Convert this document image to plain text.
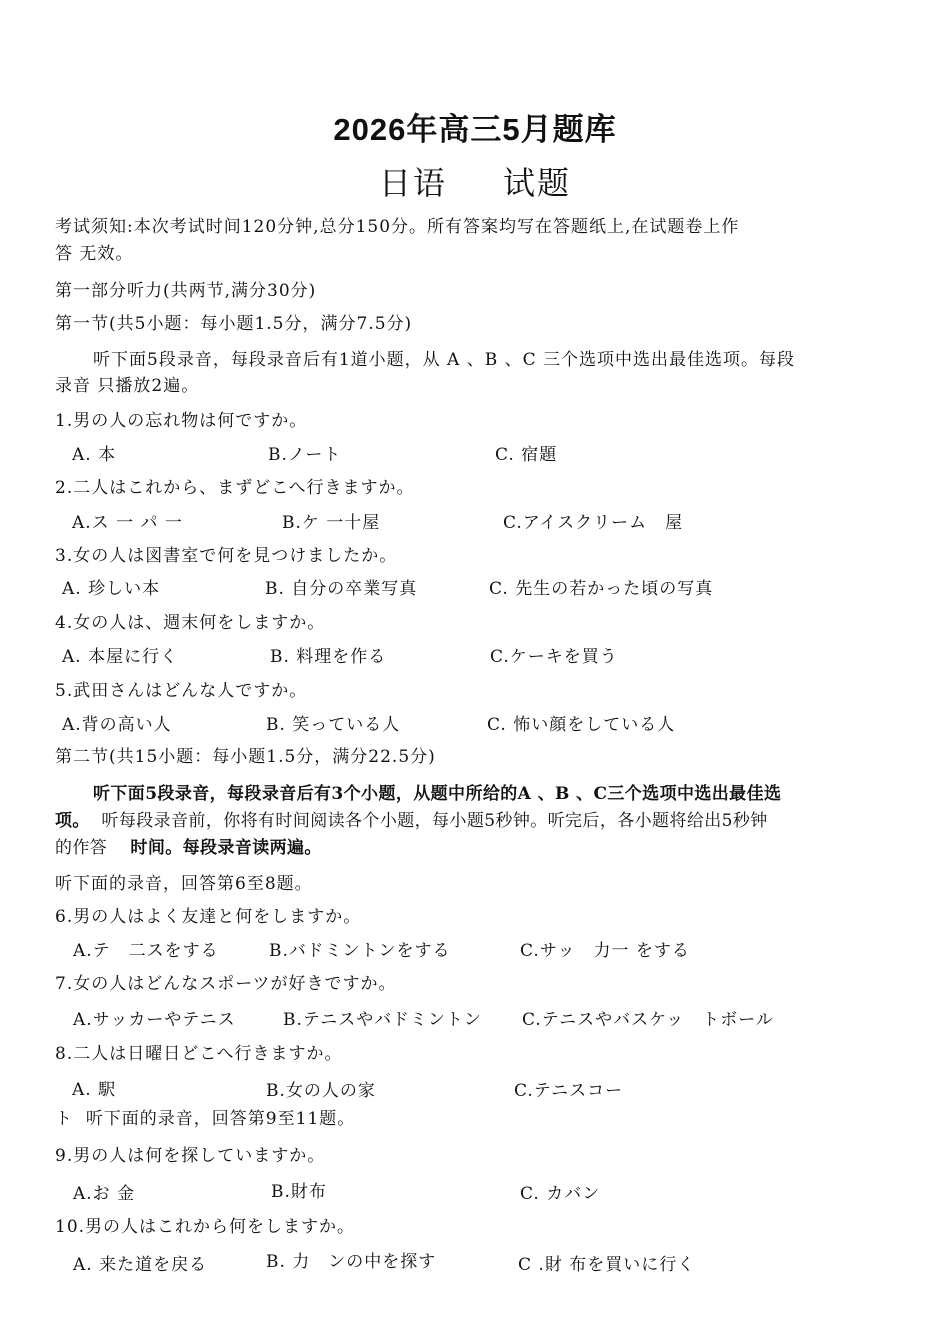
2026年高三5月题库
日语 试题
考试须知:本次考试时间120分钟,总分150分。所有答案均写在答题纸上,在试题卷上作
答 无效。
第一部分听力(共两节,满分30分)
第一节(共5小题：每小题1.5分，满分7.5分)
听下面5段录音，每段录音后有1道小题，从 A 、B 、C 三个选项中选出最佳选项。每段
录音 只播放2遍。
1.男の人の忘れ物は何ですか。
A. 本	B.ノート	C. 宿題
2.二人はこれから、まずどこへ行きますか。
A.ス 一 パ 一	B.ケ 一十屋	C.アイスクリーム　屋
3.女の人は図書室で何を見つけましたか。
A. 珍しい本	B. 自分の卒業写真	C. 先生の若かった頃の写真
4.女の人は、週末何をしますか。
A. 本屋に行く	B. 料理を作る	C.ケーキを買う
5.武田さんはどんな人ですか。
A.背の高い人	B. 笑っている人	C. 怖い顔をしている人
第二节(共15小题：每小题1.5分，满分22.5分)
听下面5段录音，每段录音后有3个小题，从题中所给的A 、B 、C三个选项中选出最佳选
项。 听每段录音前，你将有时间阅读各个小题，每小题5秒钟。听完后，各小题将给出5秒钟
的作答 时间。每段录音读两遍。
听下面的录音，回答第6至8题。
6.男の人はよく友達と何をしますか。
A.テ　二スをする	B.バドミントンをする	C.サッ　力一 をする
7.女の人はどんなスポーツが好きですか。
A.サッカーやテニス	B.テニスやバドミントン C.テニスやバスケッ　トボール
8.二人は日曜日どこへ行きますか。
A. 駅	B.女の人の家	C.テニスコー
ト 听下面的录音，回答第9至11题。
9.男の人は何を探していますか。
A.お 金	B.財布	C. カバン
10.男の人はこれから何をしますか。
A. 来た道を戻る	B. 力　ンの中を探す	C .財 布を買いに行く
